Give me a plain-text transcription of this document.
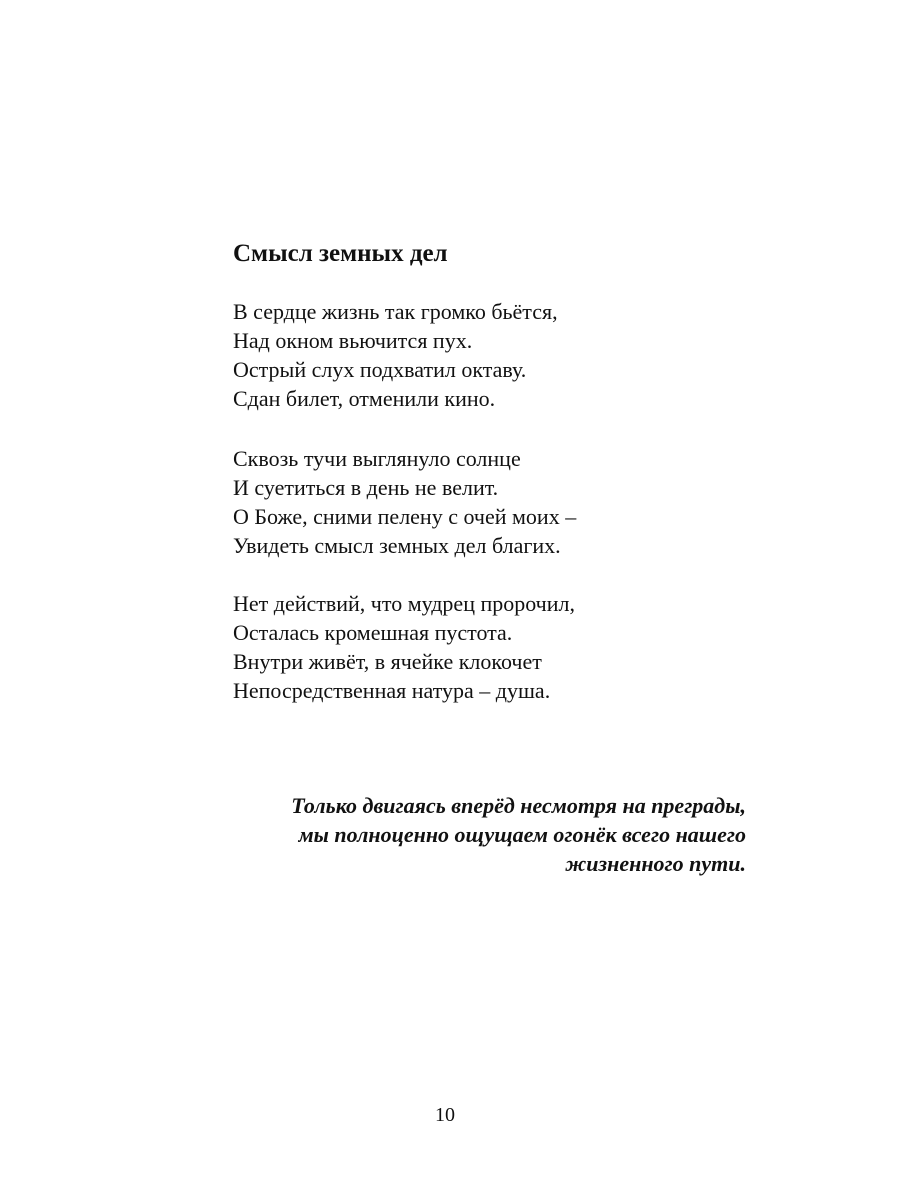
Смысл земных дел
В сердце жизнь так громко бьётся,
Над окном вьючится пух.
Острый слух подхватил октаву.
Сдан билет, отменили кино.
Сквозь тучи выглянуло солнце
И суетиться в день не велит.
О Боже, сними пелену с очей моих –
Увидеть смысл земных дел благих.
Нет действий, что мудрец пророчил,
Осталась кромешная пустота.
Внутри живёт, в ячейке клокочет
Непосредственная натура – душа.
Только двигаясь вперёд несмотря на преграды,
мы полноценно ощущаем огонёк всего нашего
жизненного пути.
10
